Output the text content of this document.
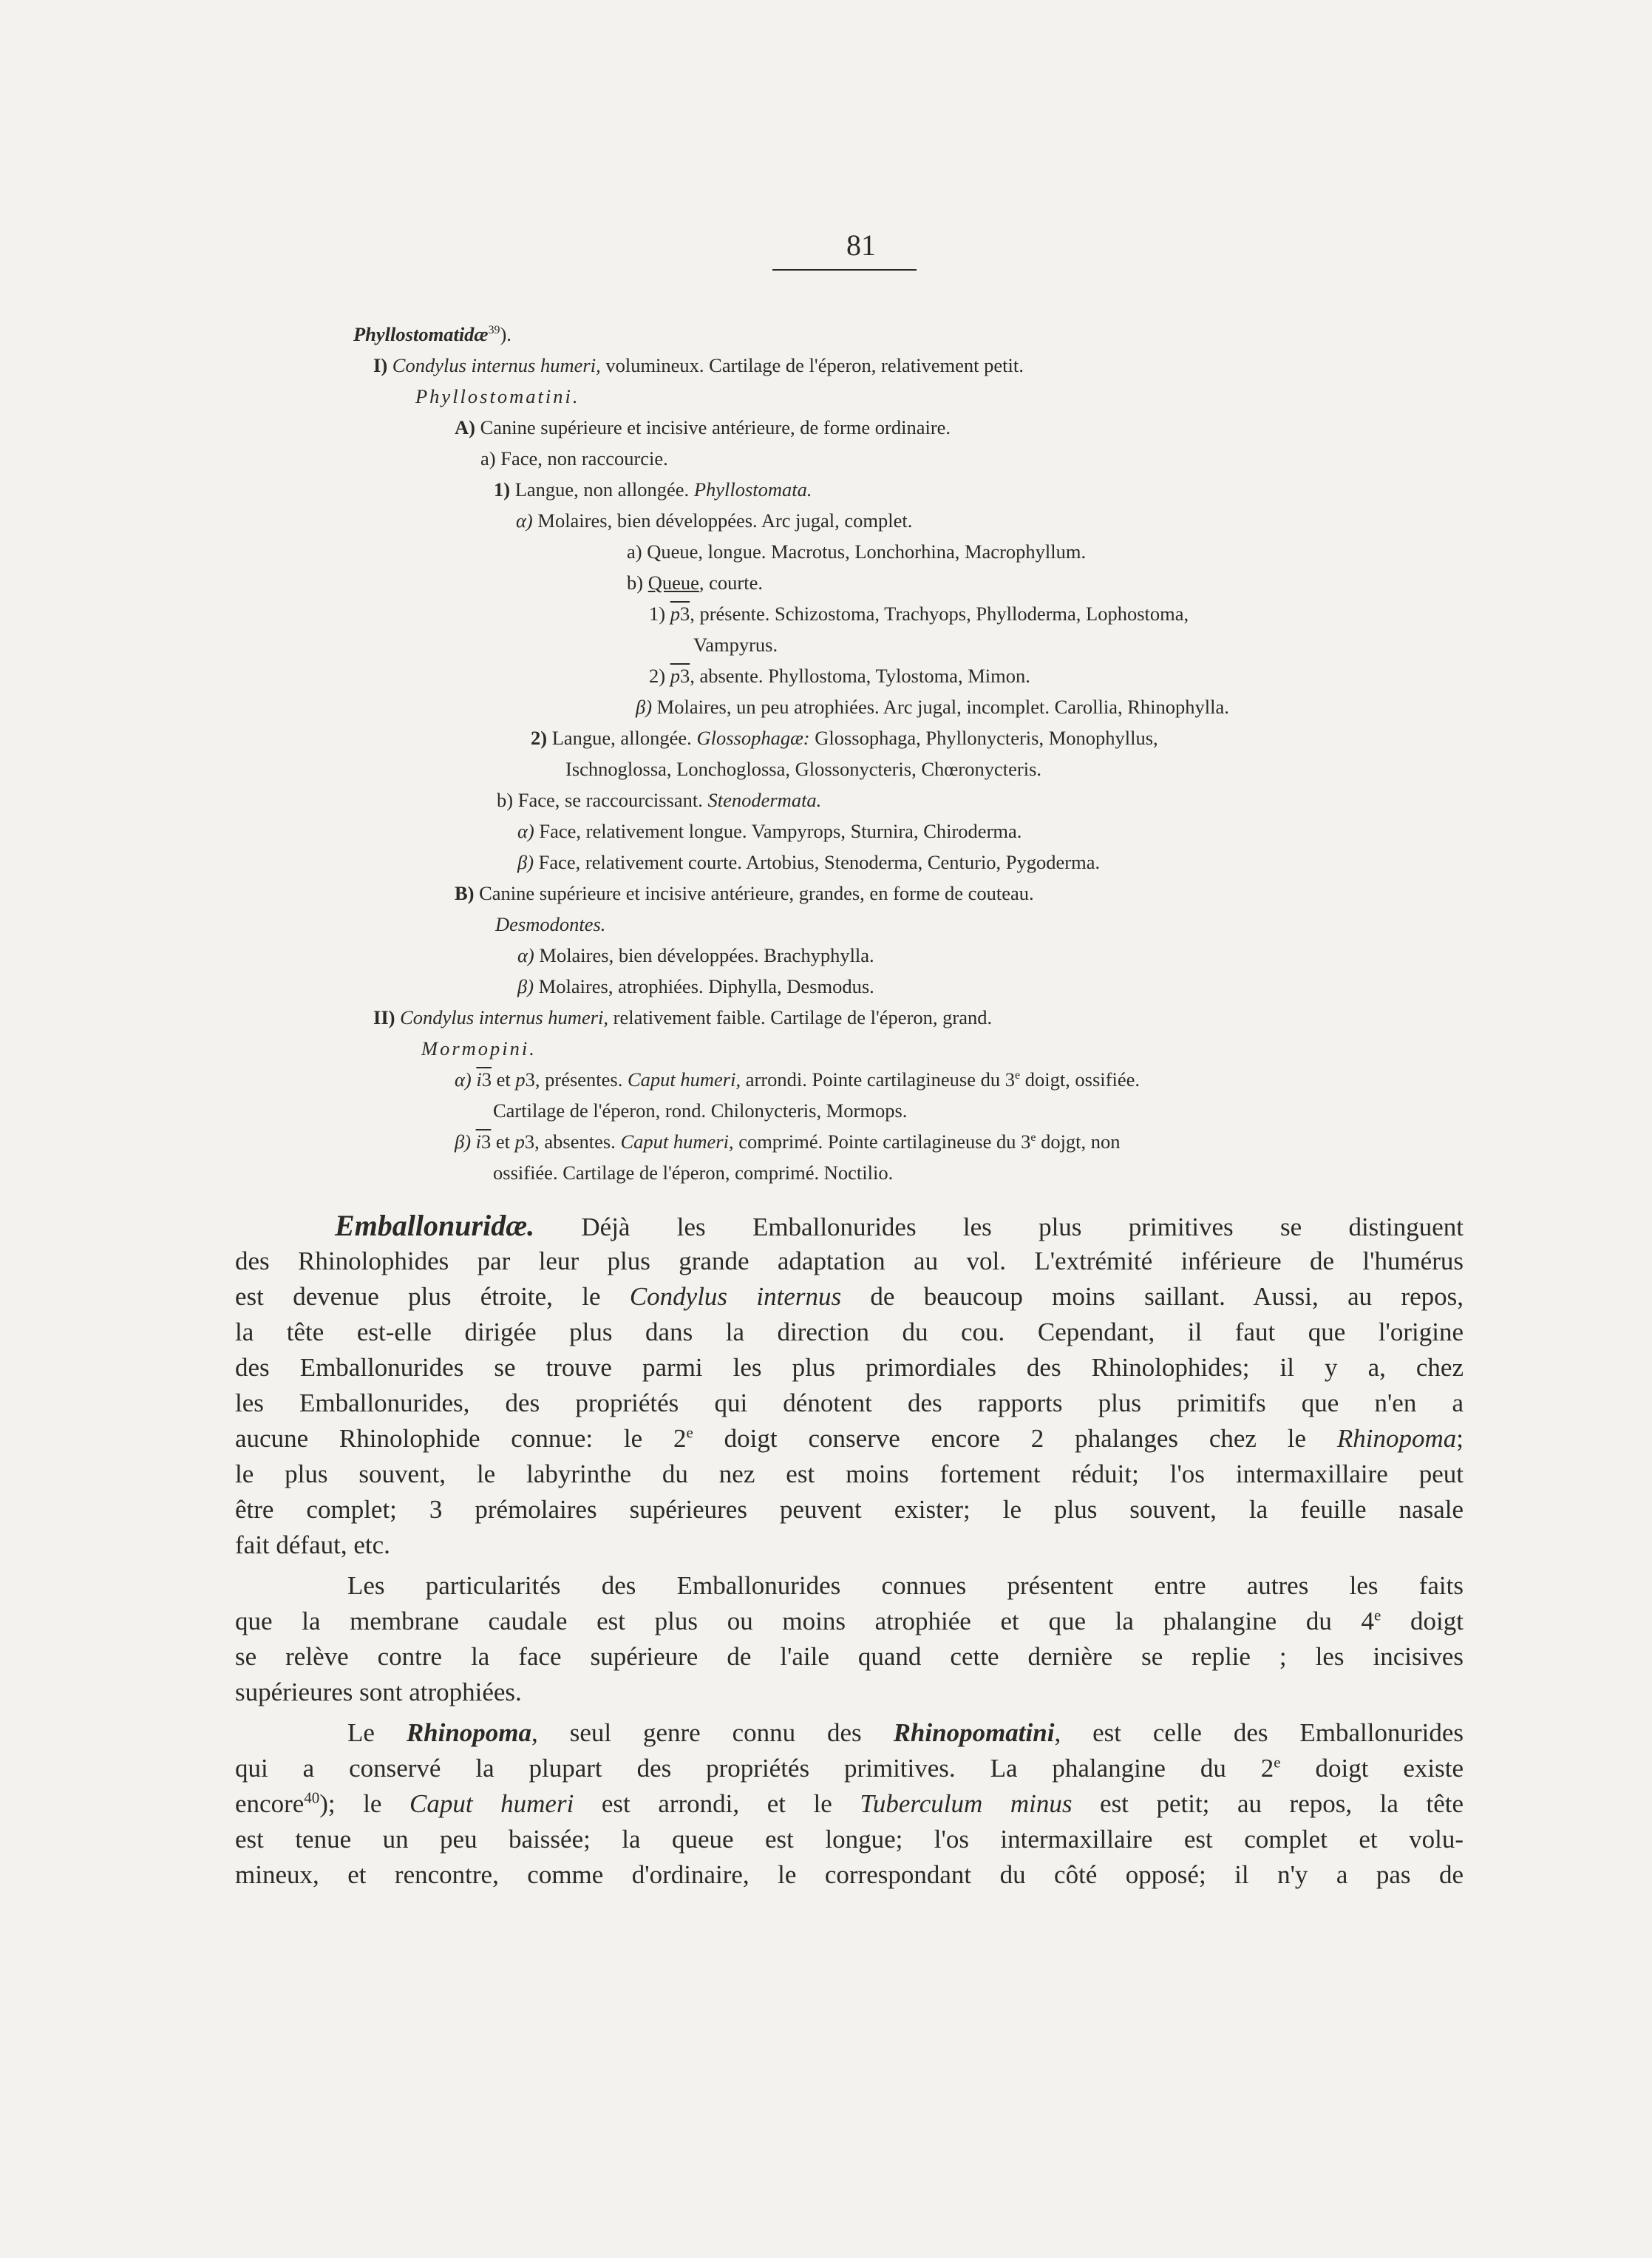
81
Phyllostomatidæ$^{39}$).
I) Condylus internus humeri, volumineux. Cartilage de l'éperon, relativement petit.
Phyllostomatini.
A) Canine supérieure et incisive antérieure, de forme ordinaire.
a) Face, non raccourcie.
1) Langue, non allongée. Phyllostomata.
α) Molaires, bien développées. Arc jugal, complet.
a) Queue, longue. Macrotus, Lonchorhina, Macrophyllum.
b) Queue, courte.
1) $\overline{p}3$, présente. Schizostoma, Trachyops, Phylloderma, Lophostoma,
Vampyrus.
2) $\overline{p}3$, absente. Phyllostoma, Tylostoma, Mimon.
β) Molaires, un peu atrophiées. Arc jugal, incomplet. Carollia, Rhinophylla.
2) Langue, allongée. Glossophagæ: Glossophaga, Phyllonycteris, Monophyllus,
Ischnoglossa, Lonchoglossa, Glossonycteris, Chœronycteris.
b) Face, se raccourcissant. Stenodermata.
α) Face, relativement longue. Vampyrops, Sturnira, Chiroderma.
β) Face, relativement courte. Artobius, Stenoderma, Centurio, Pygoderma.
B) Canine supérieure et incisive antérieure, grandes, en forme de couteau.
Desmodontes.
α) Molaires, bien développées. Brachyphylla.
β) Molaires, atrophiées. Diphylla, Desmodus.
II) Condylus internus humeri, relativement faible. Cartilage de l'éperon, grand.
Mormopini.
α) $\overline{i}3$ et p3, présentes. Caput humeri, arrondi. Pointe cartilagineuse du 3e doigt, ossifiée.
Cartilage de l'éperon, rond. Chilonycteris, Mormops.
β) $\overline{i}3$ et p3, absentes. Caput humeri, comprimé. Pointe cartilagineuse du 3e dojgt, non
ossifiée. Cartilage de l'éperon, comprimé. Noctilio.
Emballonuridæ. Déjà les Emballonurides les plus primitives se distinguent
des Rhinolophides par leur plus grande adaptation au vol. L'extrémité inférieure de l'humérus
est devenue plus étroite, le Condylus internus de beaucoup moins saillant. Aussi, au repos,
la tête est-elle dirigée plus dans la direction du cou. Cependant, il faut que l'origine
des Emballonurides se trouve parmi les plus primordiales des Rhinolophides; il y a, chez
les Emballonurides, des propriétés qui dénotent des rapports plus primitifs que n'en a
aucune Rhinolophide connue: le 2e doigt conserve encore 2 phalanges chez le Rhinopoma;
le plus souvent, le labyrinthe du nez est moins fortement réduit; l'os intermaxillaire peut
être complet; 3 prémolaires supérieures peuvent exister; le plus souvent, la feuille nasale
fait défaut, etc.
Les particularités des Emballonurides connues présentent entre autres les faits
que la membrane caudale est plus ou moins atrophiée et que la phalangine du 4e doigt
se relève contre la face supérieure de l'aile quand cette dernière se replie ; les incisives
supérieures sont atrophiées.
Le Rhinopoma, seul genre connu des Rhinopomatini, est celle des Emballonurides
qui a conservé la plupart des propriétés primitives. La phalangine du 2e doigt existe
encore$^{40}$); le Caput humeri est arrondi, et le Tuberculum minus est petit; au repos, la tête
est tenue un peu baissée; la queue est longue; l'os intermaxillaire est complet et volu-
mineux, et rencontre, comme d'ordinaire, le correspondant du côté opposé; il n'y a pas de
